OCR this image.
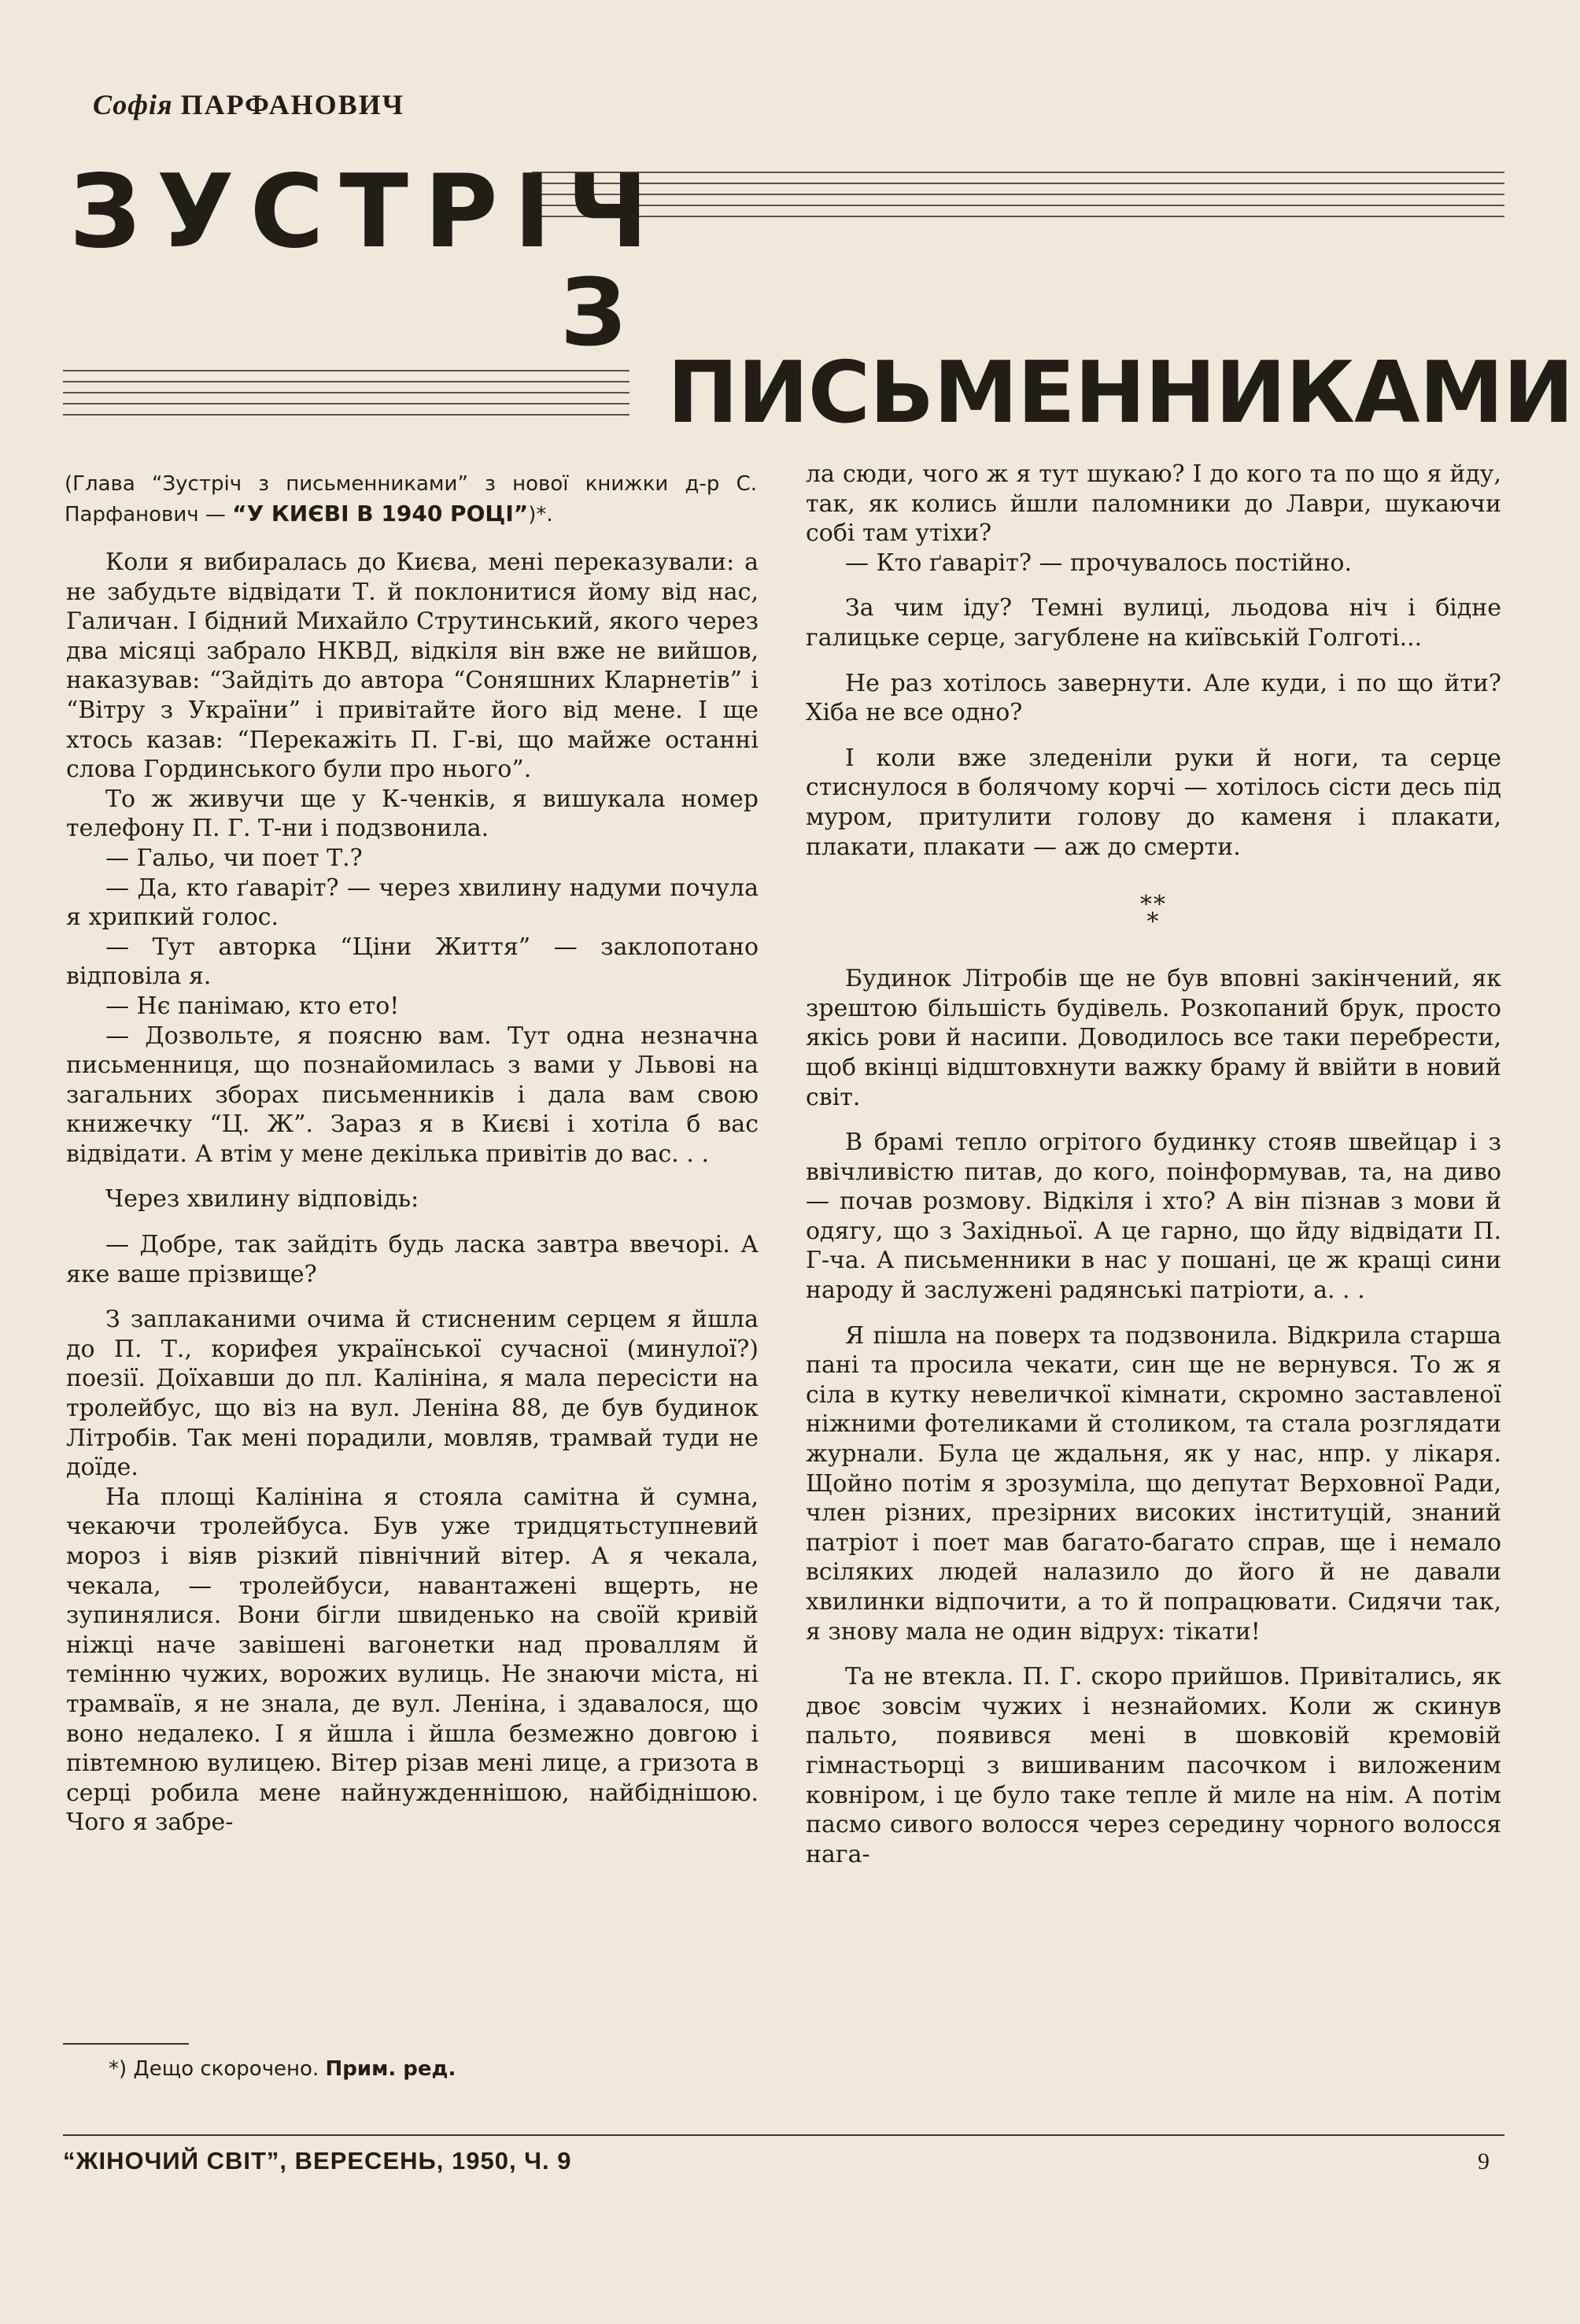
Софія ПАРФАНОВИЧ
ЗУСТРІЧ
З
ПИСЬМЕННИКАМИ
(Глава “Зустріч з письменниками” з нової книжки д-р С. Парфанович — “У КИЄВІ В 1940 РОЦІ”)*.

Коли я вибиралась до Києва, мені переказували: а не забудьте відвідати Т. й поклонитися йому від нас, Галичан. І бідний Михайло Струтинський, якого через два місяці забрало НКВД, відкіля він вже не вийшов, наказував: “Зайдіть до автора “Соняшних Кларнетів” і “Вітру з України” і привітайте його від мене. І ще хтось казав: “Перекажіть П. Г-ві, що майже останні слова Гординського були про нього”.

То ж живучи ще у К-ченків, я вишукала номер телефону П. Г. Т-ни і подзвонила.

— Гальо, чи поет Т.?

— Да, кто ґаваріт? — через хвилину надуми почула я хрипкий голос.

— Тут авторка “Ціни Життя” — заклопотано відповіла я.

— Нє панімаю, кто ето!

— Дозвольте, я поясню вам. Тут одна незначна письменниця, що познайомилась з вами у Львові на загальних зборах письменників і дала вам свою книжечку “Ц. Ж”. Зараз я в Києві і хотіла б вас відвідати. А втім у мене декілька привітів до вас. . .

Через хвилину відповідь:

— Добре, так зайдіть будь ласка завтра ввечорі. А яке ваше прізвище?

З заплаканими очима й стисненим серцем я йшла до П. Т., корифея української сучасної (минулої?) поезії. Доїхавши до пл. Калініна, я мала пересісти на тролейбус, що віз на вул. Леніна 88, де був будинок Літробів. Так мені порадили, мовляв, трамвай туди не доїде.

На площі Калініна я стояла самітна й сумна, чекаючи тролейбуса. Був уже тридцятьступневий мороз і віяв різкий північний вітер. А я чекала, чекала, — тролейбуси, навантажені вщерть, не зупинялися. Вони бігли швиденько на своїй кривій ніжці наче завішені вагонетки над проваллям й темінню чужих, ворожих вулиць. Не знаючи міста, ні трамваїв, я не знала, де вул. Леніна, і здавалося, що воно недалеко. І я йшла і йшла безмежно довгою і півтемною вулицею. Вітер різав мені лице, а гризота в серці робила мене найнужденнішою, найбіднішою. Чого я забре-

ла сюди, чого ж я тут шукаю? І до кого та по що я йду, так, як колись йшли паломники до Лаври, шукаючи собі там утіхи?

— Кто ґаваріт? — прочувалось постійно.

За чим іду? Темні вулиці, льодова ніч і бідне галицьке серце, загублене на київській Голготі...

Не раз хотілось завернути. Але куди, і по що йти? Хіба не все одно?

І коли вже зледеніли руки й ноги, та серце стиснулося в болячому корчі — хотілось сісти десь під муром, притулити голову до каменя і плакати, плакати, плакати — аж до смерти.

**
*

Будинок Літробів ще не був вповні закінчений, як зрештою більшість будівель. Розкопаний брук, просто якісь рови й насипи. Доводилось все таки перебрести, щоб вкінці відштовхнути важку браму й ввійти в новий світ.

В брамі тепло огрітого будинку стояв швейцар і з ввічливістю питав, до кого, поінформував, та, на диво — почав розмову. Відкіля і хто? А він пізнав з мови й одягу, що з Західньої. А це гарно, що йду відвідати П. Г-ча. А письменники в нас у пошані, це ж кращі сини народу й заслужені радянські патріоти, а. . .

Я пішла на поверх та подзвонила. Відкрила старша пані та просила чекати, син ще не вернувся. То ж я сіла в кутку невеличкої кімнати, скромно заставленої ніжними фотеликами й столиком, та стала розглядати журнали. Була це ждальня, як у нас, нпр. у лікаря. Щойно потім я зрозуміла, що депутат Верховної Ради, член різних, презірних високих інституцій, знаний патріот і поет мав багато-багато справ, ще і немало всіляких людей налазило до його й не давали хвилинки відпочити, а то й попрацювати. Сидячи так, я знову мала не один відрух: тікати!

Та не втекла. П. Г. скоро прийшов. Привітались, як двоє зовсім чужих і незнайомих. Коли ж скинув пальто, появився мені в шовковій кремовій гімнастьорці з вишиваним пасочком і виложеним ковніром, і це було таке тепле й миле на нім. А потім пасмо сивого волосся через середину чорного волосся нага-

*) Дещо скорочено. Прим. ред.
“ЖІНОЧИЙ СВІТ”, ВЕРЕСЕНЬ, 1950, Ч. 9	9
